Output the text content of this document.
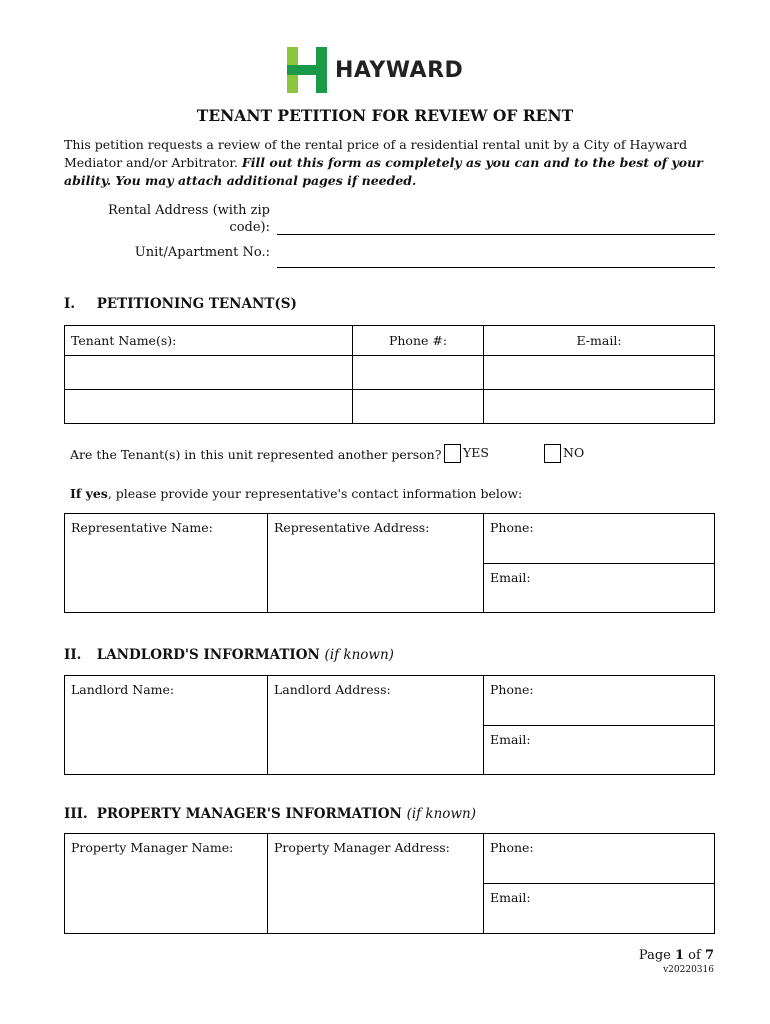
HAYWARD
TENANT PETITION FOR REVIEW OF RENT
This petition requests a review of the rental price of a residential rental unit by a City of Hayward Mediator and/or Arbitrator. Fill out this form as completely as you can and to the best of your ability. You may attach additional pages if needed.
Rental Address (with zip
code):
Unit/Apartment No.:
I. PETITIONING TENANT(S)
Tenant Name(s):	Phone #:	E-mail:

Are the Tenant(s) in this unit represented another person?	YES	NO
If yes, please provide your representative's contact information below:
Representative Name:	Representative Address:	Phone:
Email:
II. LANDLORD'S INFORMATION (if known)
Landlord Name:	Landlord Address:	Phone:
Email:
III. PROPERTY MANAGER'S INFORMATION (if known)
Property Manager Name:	Property Manager Address:	Phone:
Email:
Page 1 of 7
v20220316
